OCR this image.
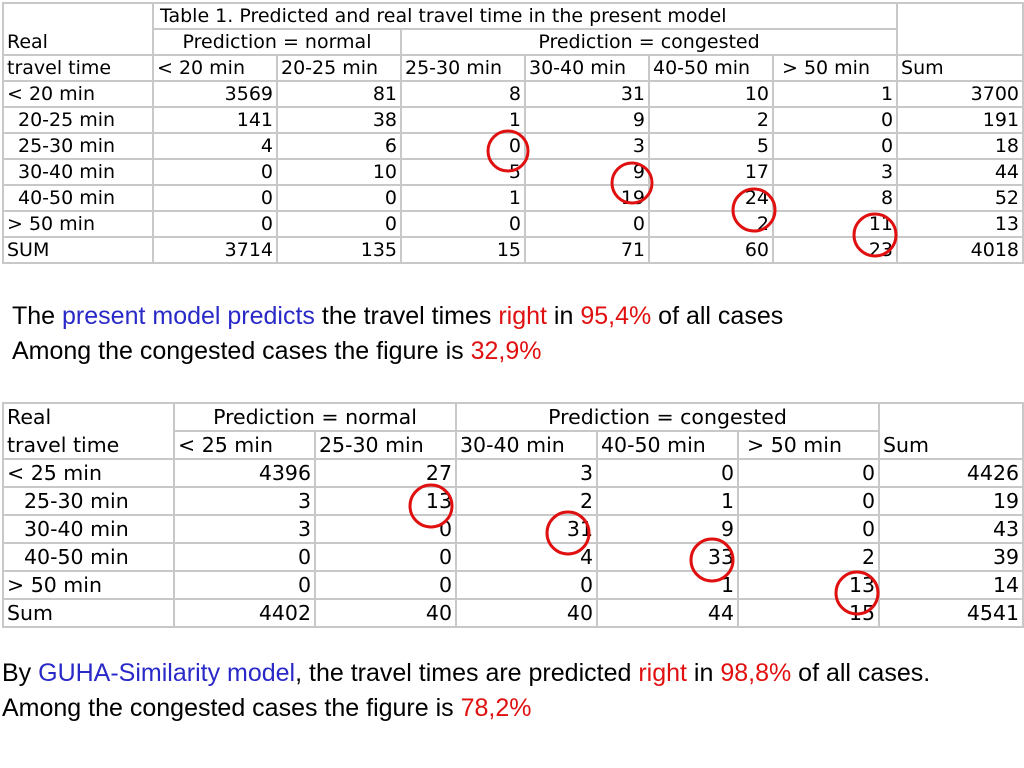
	Table 1. Predicted and real travel time in the present model						
Real	Prediction = normal		Prediction = congested				
travel time	< 20 min	20-25 min	25-30 min	30-40 min	40-50 min	> 50 min	Sum
< 20 min	3569	81	8	31	10	1	3700
20-25 min	141	38	1	9	2	0	191
25-30 min	4	6	0	3	5	0	18
30-40 min	0	10	5	9	17	3	44
40-50 min	0	0	1	19	24	8	52
> 50 min	0	0	0	0	2	11	13
SUM	3714	135	15	71	60	23	4018
The present model predicts the travel times right in 95,4% of all cases
Among the congested cases the figure is 32,9%
Real	Prediction = normal		Prediction = congested			
travel time	< 25 min	25-30 min	30-40 min	40-50 min	> 50 min	Sum
< 25 min	4396	27	3	0	0	4426
25-30 min	3	13	2	1	0	19
30-40 min	3	0	31	9	0	43
40-50 min	0	0	4	33	2	39
> 50 min	0	0	0	1	13	14
Sum	4402	40	40	44	15	4541
By GUHA-Similarity model, the travel times are predicted right in 98,8% of all cases. Among the congested cases the figure is 78,2%
